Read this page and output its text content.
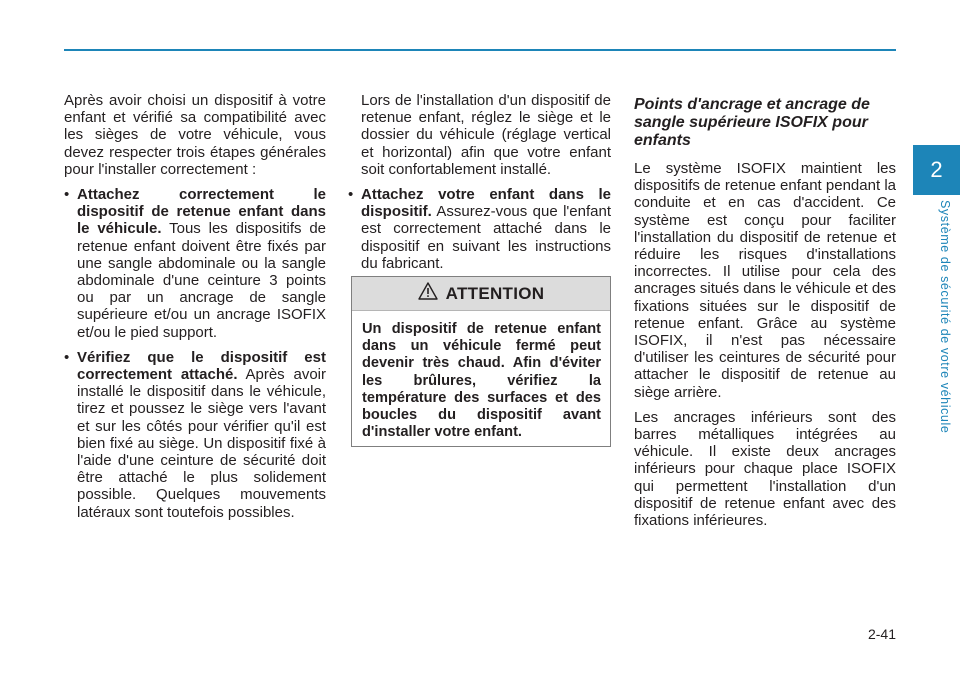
Après avoir choisi un dispositif à votre enfant et vérifié sa compatibilité avec les sièges de votre véhicule, vous devez respecter trois étapes générales pour l'installer correctement :

• Attachez correctement le dispositif de retenue enfant dans le véhicule. Tous les dispositifs de retenue enfant doivent être fixés par une sangle abdominale ou la sangle abdominale d'une ceinture 3 points ou par un ancrage de sangle supérieure et/ou un ancrage ISOFIX et/ou le pied support.
• Vérifiez que le dispositif est correctement attaché. Après avoir installé le dispositif dans le véhicule, tirez et poussez le siège vers l'avant et sur les côtés pour vérifier qu'il est bien fixé au siège. Un dispositif fixé à l'aide d'une ceinture de sécurité doit être attaché le plus solidement possible. Quelques mouvements latéraux sont toutefois possibles.
Lors de l'installation d'un dispositif de retenue enfant, réglez le siège et le dossier du véhicule (réglage vertical et horizontal) afin que votre enfant soit confortablement installé.
• Attachez votre enfant dans le dispositif. Assurez-vous que l'enfant est correctement attaché dans le dispositif en suivant les instructions du fabricant.
ATTENTION
Un dispositif de retenue enfant dans un véhicule fermé peut devenir très chaud. Afin d'éviter les brûlures, vérifiez la température des surfaces et des boucles du dispositif avant d'installer votre enfant.
Points d'ancrage et ancrage de sangle supérieure ISOFIX pour enfants

Le système ISOFIX maintient les dispositifs de retenue enfant pendant la conduite et en cas d'accident. Ce système est conçu pour faciliter l'installation du dispositif de retenue et réduire les risques d'installations incorrectes. Il utilise pour cela des ancrages situés dans le véhicule et des fixations situées sur le dispositif de retenue enfant. Grâce au système ISOFIX, il n'est pas nécessaire d'utiliser les ceintures de sécurité pour attacher le dispositif de retenue au siège arrière.

Les ancrages inférieurs sont des barres métalliques intégrées au véhicule. Il existe deux ancrages inférieurs pour chaque place ISOFIX qui permettent l'installation d'un dispositif de retenue enfant avec des fixations inférieures.

2
Système de sécurité de votre véhicule
2-41
